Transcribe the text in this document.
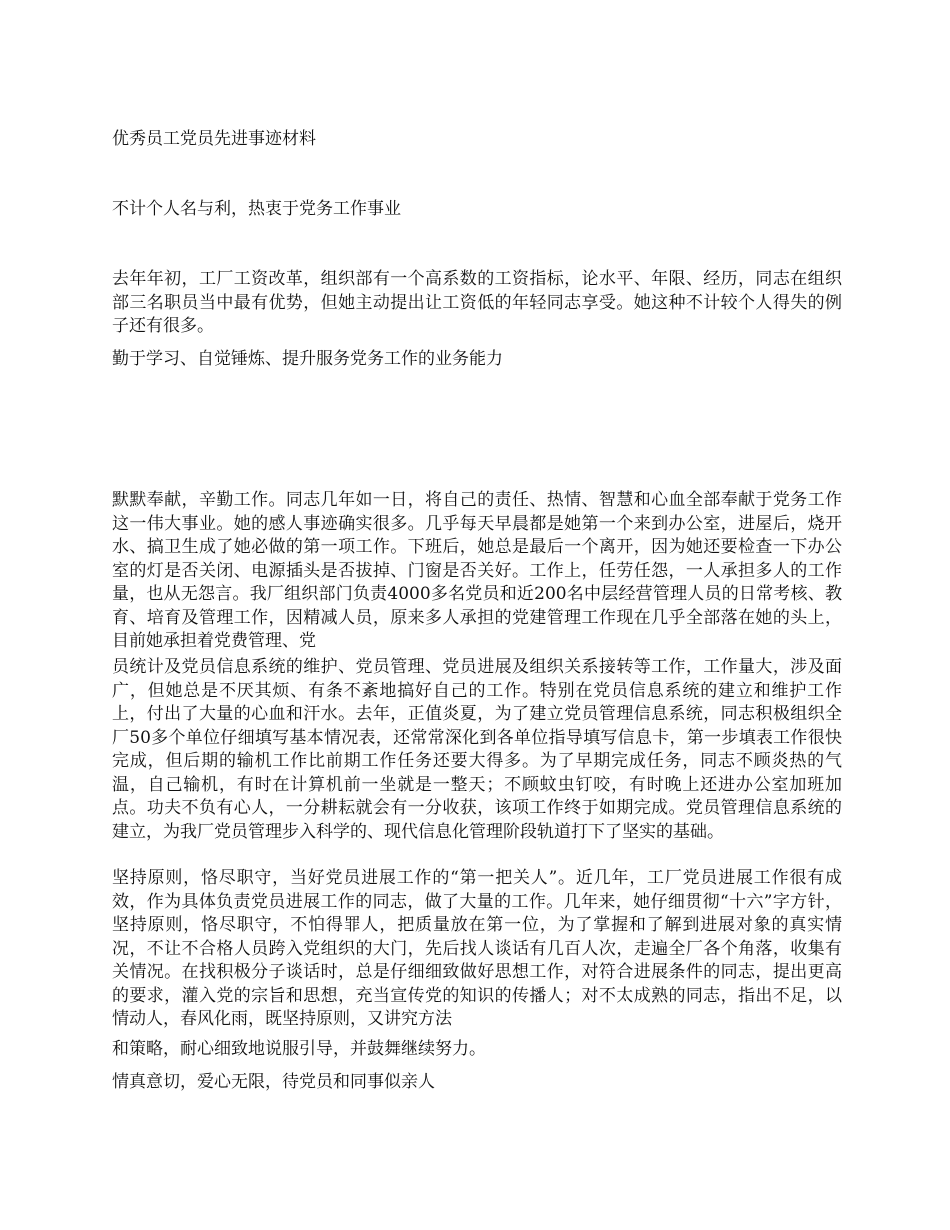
优秀员工党员先进事迹材料

不计个人名与利，热衷于党务工作事业

去年年初，工厂工资改革，组织部有一个高系数的工资指标，论水平、年限、经历，同志在组织部三名职员当中最有优势，但她主动提出让工资低的年轻同志享受。她这种不计较个人得失的例子还有很多。

勤于学习、自觉锤炼、提升服务党务工作的业务能力

默默奉献，辛勤工作。同志几年如一日，将自己的责任、热情、智慧和心血全部奉献于党务工作这一伟大事业。她的感人事迹确实很多。几乎每天早晨都是她第一个来到办公室，进屋后，烧开水、搞卫生成了她必做的第一项工作。下班后，她总是最后一个离开，因为她还要检查一下办公室的灯是否关闭、电源插头是否拔掉、门窗是否关好。工作上，任劳任怨，一人承担多人的工作量，也从无怨言。我厂组织部门负责4000多名党员和近200名中层经营管理人员的日常考核、教育、培育及管理工作，因精减人员，原来多人承担的党建管理工作现在几乎全部落在她的头上，目前她承担着党费管理、党

员统计及党员信息系统的维护、党员管理、党员进展及组织关系接转等工作，工作量大，涉及面广，但她总是不厌其烦、有条不紊地搞好自己的工作。特别在党员信息系统的建立和维护工作上，付出了大量的心血和汗水。去年，正值炎夏，为了建立党员管理信息系统，同志积极组织全厂50多个单位仔细填写基本情况表，还常常深化到各单位指导填写信息卡，第一步填表工作很快完成，但后期的输机工作比前期工作任务还要大得多。为了早期完成任务，同志不顾炎热的气温，自己输机，有时在计算机前一坐就是一整天；不顾蚊虫钉咬，有时晚上还进办公室加班加点。功夫不负有心人，一分耕耘就会有一分收获，该项工作终于如期完成。党员管理信息系统的建立，为我厂党员管理步入科学的、现代信息化管理阶段轨道打下了坚实的基础。

坚持原则，恪尽职守，当好党员进展工作的“第一把关人”。近几年，工厂党员进展工作很有成效，作为具体负责党员进展工作的同志，做了大量的工作。几年来，她仔细贯彻“十六”字方针，坚持原则，恪尽职守，不怕得罪人，把质量放在第一位，为了掌握和了解到进展对象的真实情况，不让不合格人员跨入党组织的大门，先后找人谈话有几百人次，走遍全厂各个角落，收集有关情况。在找积极分子谈话时，总是仔细细致做好思想工作，对符合进展条件的同志，提出更高的要求，灌入党的宗旨和思想，充当宣传党的知识的传播人；对不太成熟的同志，指出不足，以情动人，春风化雨，既坚持原则，又讲究方法

和策略，耐心细致地说服引导，并鼓舞继续努力。

情真意切，爱心无限，待党员和同事似亲人
